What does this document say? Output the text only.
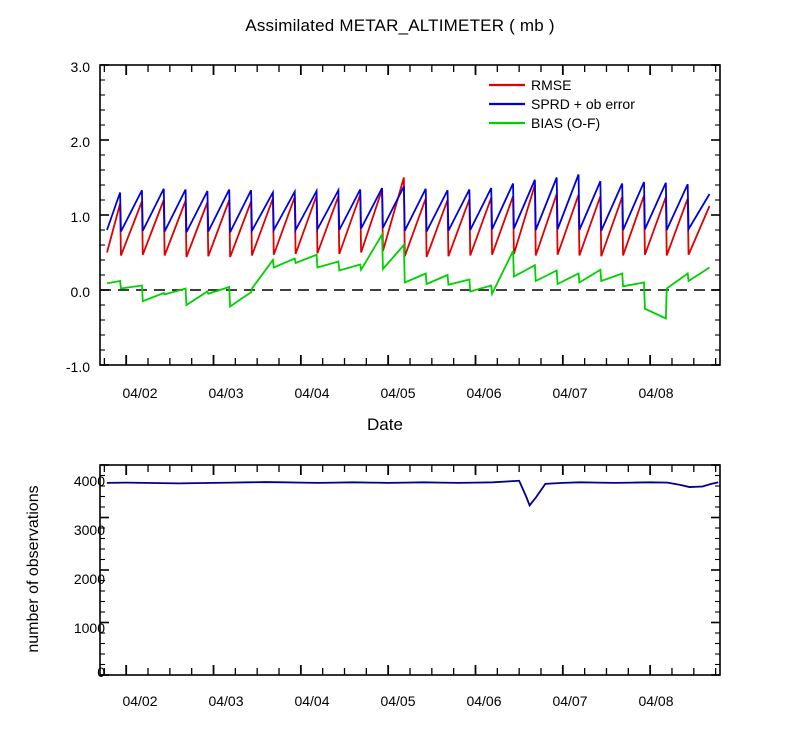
Assimilated METAR_ALTIMETER ( mb )
3.0
2.0
1.0
0.0
-1.0
04/02	04/03	04/04	04/05	04/06	04/07	04/08
Date
RMSE
SPRD + ob error
BIAS (O-F)
4000
3000
2000
1000
0
04/02	04/03	04/04	04/05	04/06	04/07	04/08
number of observations
